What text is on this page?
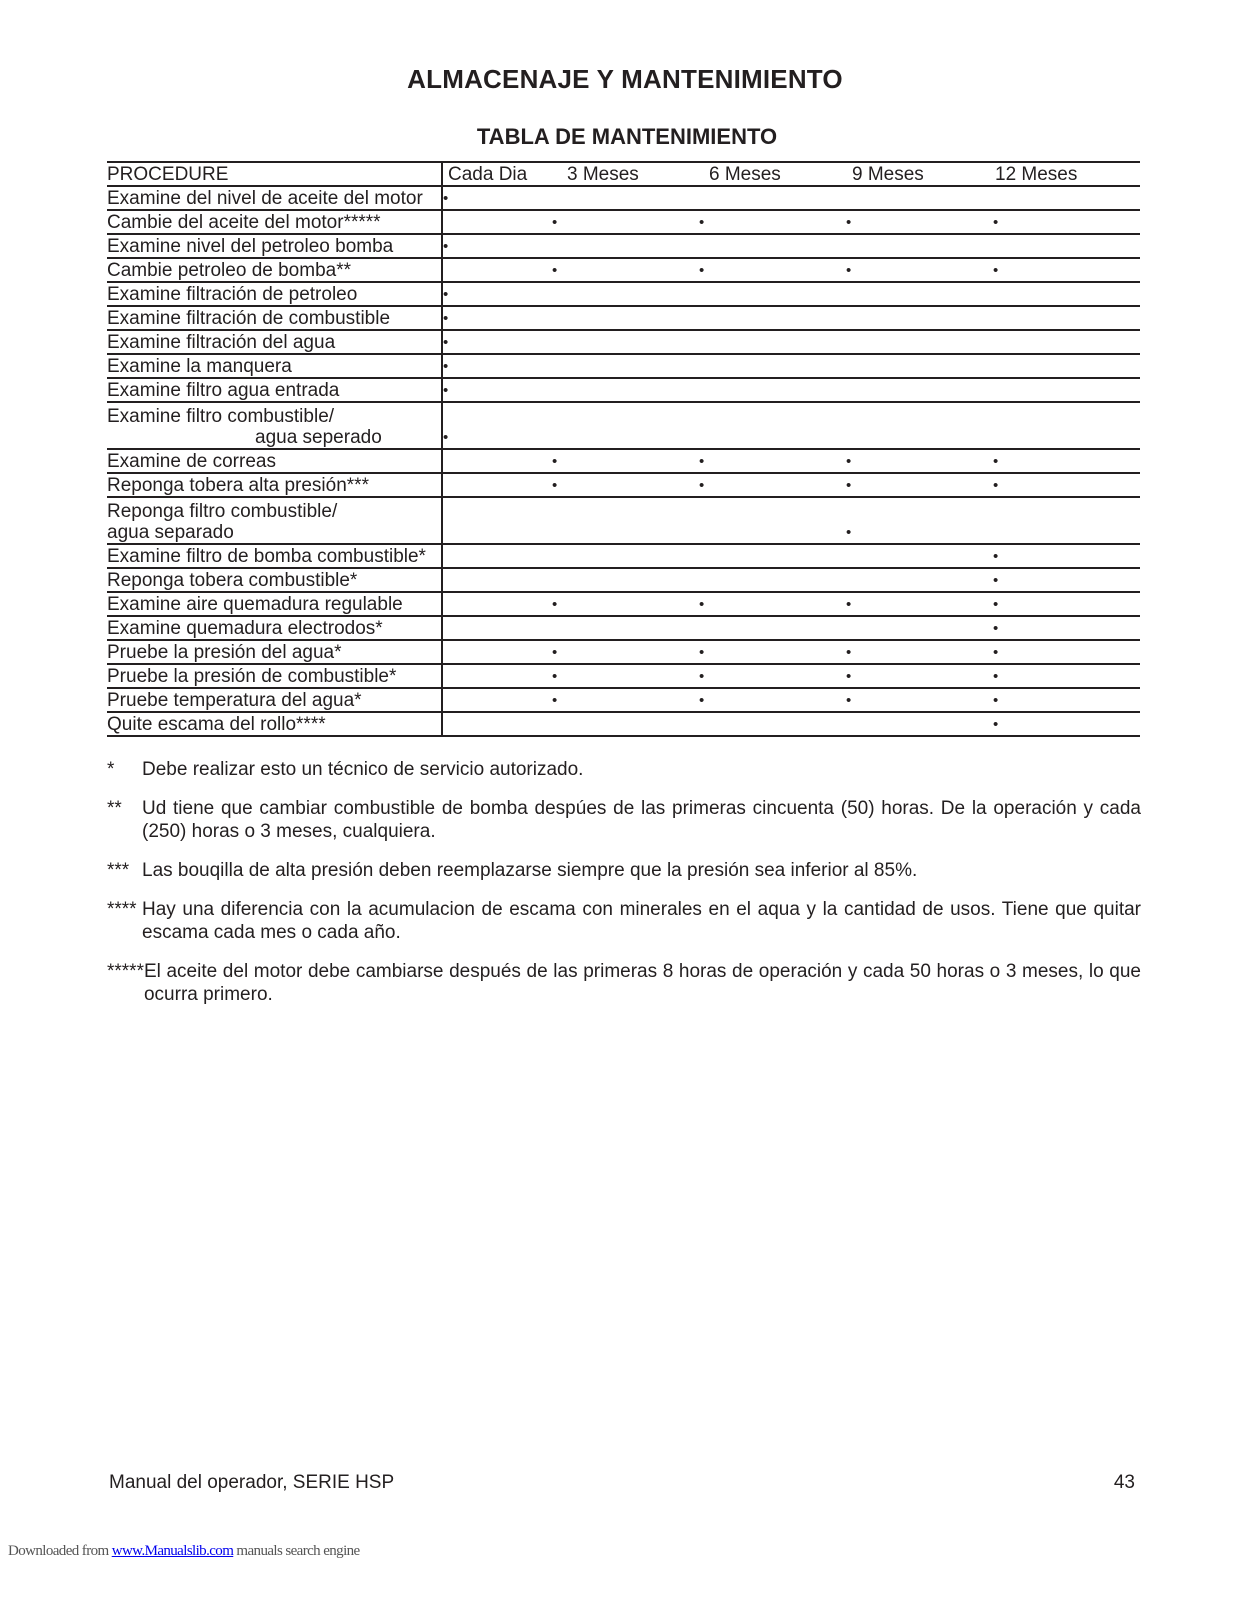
ALMACENAJE Y MANTENIMIENTO
TABLA DE MANTENIMIENTO
PROCEDURE	Cada Dia	3 Meses	6 Meses	9 Meses	12 Meses
Examine del nivel de aceite del motor	•				
Cambie del aceite del motor*****		•	•	•	•
Examine nivel del petroleo bomba	•				
Cambie petroleo de bomba**		•	•	•	•
Examine filtración de petroleo	•				
Examine filtración de combustible	•				
Examine filtración del agua	•				
Examine la manquera	•				
Examine filtro agua entrada	•				
Examine filtro combustible/
agua seperado	•				
Examine de correas		•	•	•	•
Reponga tobera alta presión***		•	•	•	•
Reponga filtro combustible/
agua separado				•	
Examine filtro de bomba combustible*					•
Reponga tobera combustible*					•
Examine aire quemadura regulable		•	•	•	•
Examine quemadura electrodos*					•
Pruebe la presión del agua*		•	•	•	•
Pruebe la presión de combustible*		•	•	•	•
Pruebe temperatura del agua*		•	•	•	•
Quite escama del rollo****					•
*	Debe realizar esto un técnico de servicio autorizado.
**	Ud tiene que cambiar combustible de bomba despúes de las primeras cincuenta (50) horas. De la operación y cada (250) horas o 3 meses, cualquiera.
*** Las bouqilla de alta presión deben reemplazarse siempre que la presión sea inferior al 85%.
**** Hay una diferencia con la acumulacion de escama con minerales en el aqua y la cantidad de usos. Tiene que quitar escama cada mes o cada año.
***** El aceite del motor debe cambiarse después de las primeras 8 horas de operación y cada 50 horas o 3 meses, lo que ocurra primero.
Manual del operador, SERIE HSP	43
Downloaded from www.Manualslib.com manuals search engine
